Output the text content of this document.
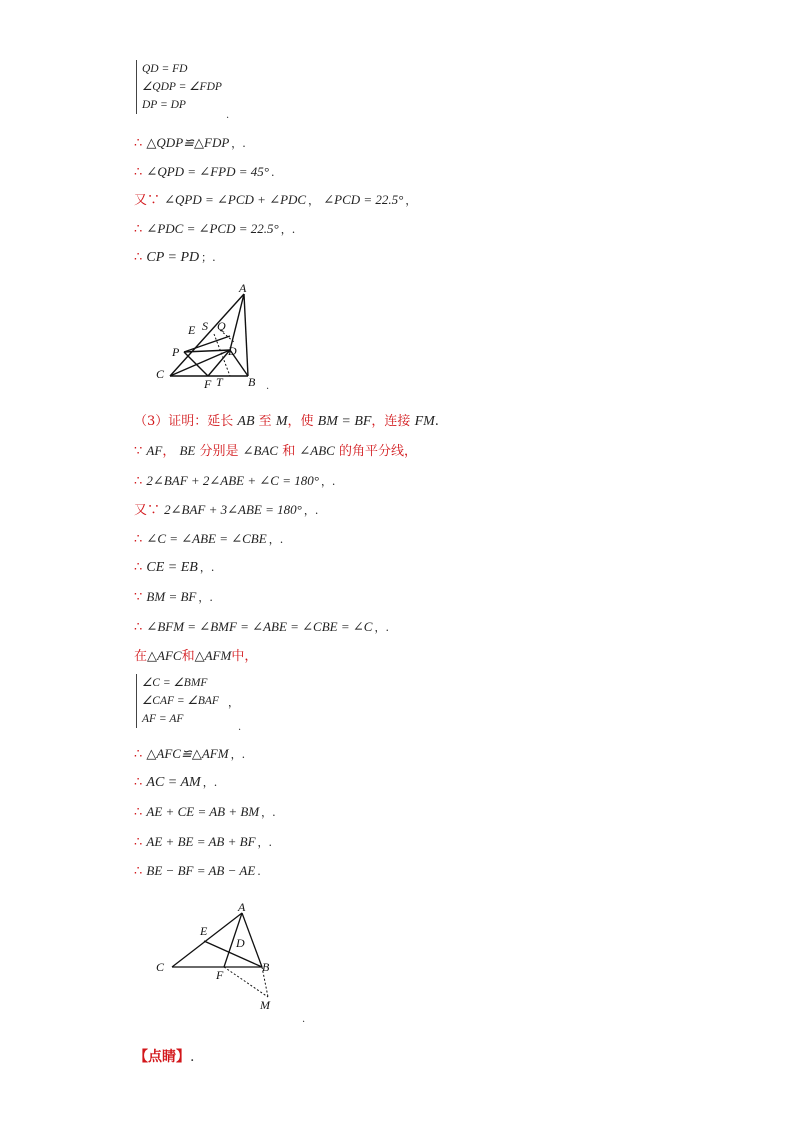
QD = FD
∠QDP = ∠FDP
DP = DP
.
∴ △QDP≌△FDP ，.
∴ ∠QPD = ∠FPD = 45° .
又∵ ∠QPD = ∠PCD + ∠PDC ， ∠PCD = 22.5° ，
∴ ∠PDC = ∠PCD = 22.5° ，.
∴ CP = PD ；.
A
E S Q
P	D
C
F T B .
（3）证明：延长 AB 至 M，使 BM = BF，连接 FM.
∵ AF， BE 分别是 ∠BAC 和 ∠ABC 的角平分线，
∴ 2∠BAF + 2∠ABE + ∠C = 180° ，.
又∵ 2∠BAF + 3∠ABE = 180° ，.
∴ ∠C = ∠ABE = ∠CBE ，.
∴ CE = EB ，.
∵ BM = BF ，.
∴ ∠BFM = ∠BMF = ∠ABE = ∠CBE = ∠C ，.
在△AFC和△AFM中，
∠C = ∠BMF
∠CAF = ∠BAF
AF = AF
，
.
∴ △AFC≌△AFM ，.
∴ AC = AM ，.
∴ AE + CE = AB + BM ，.
∴ AE + BE = AB + BF ，.
∴ BE − BF = AB − AE .
A
E
D
C
F
B
M
.
【点睛】.
